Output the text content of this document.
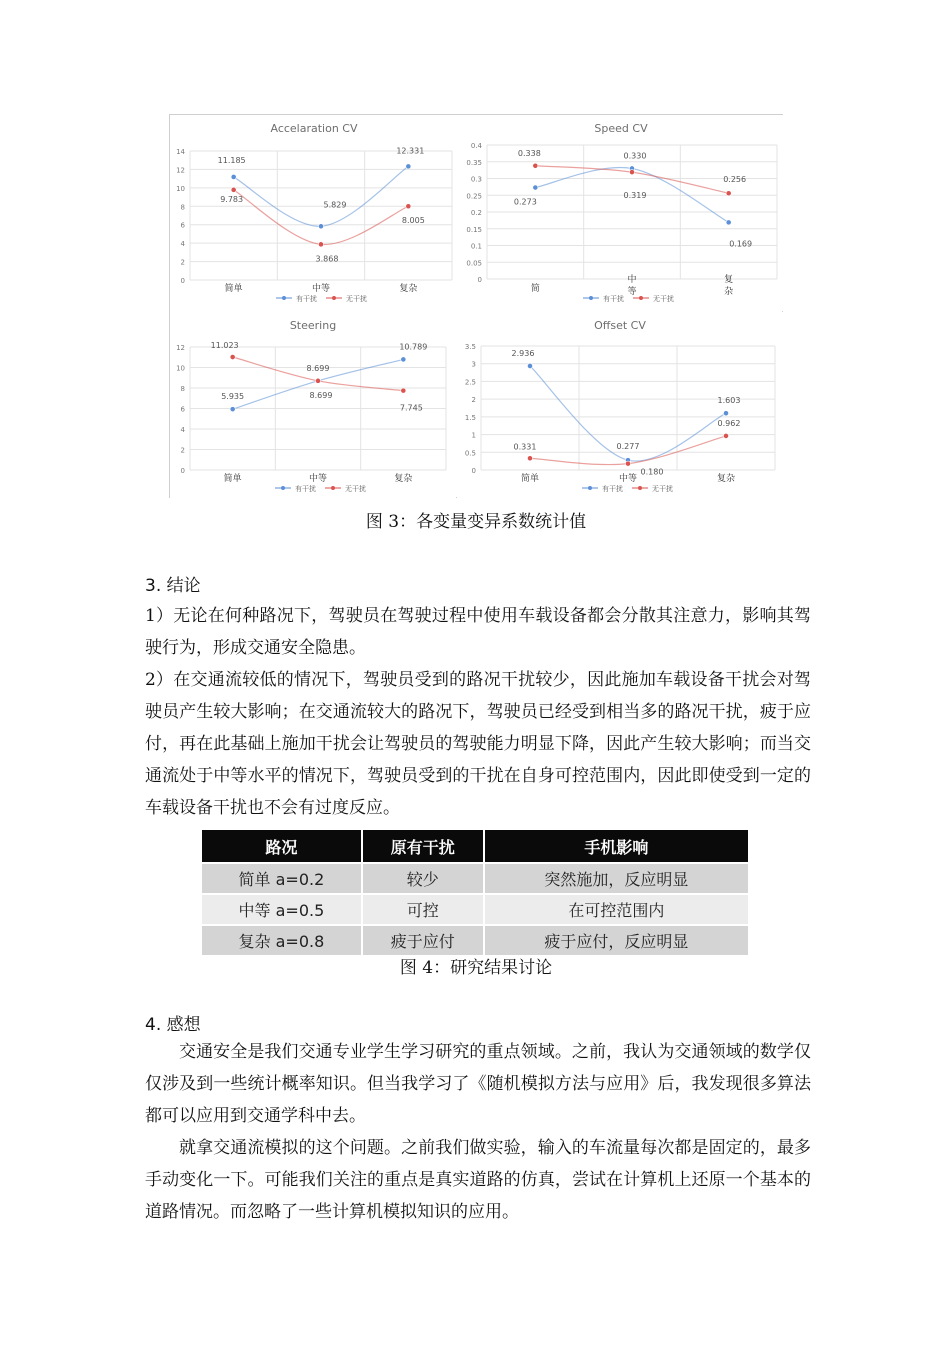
Accelaration CV
0
2
4
6
8
10
12
14
简单	中等	复杂
11.185
5.829
12.331
9.783
3.868
8.005
有干扰	无干扰
Speed CV
0
0.05
0.1
0.15
0.2
0.25
0.3
0.35
0.4
简
中
等
复
杂
0.273
0.330
0.169
0.338
0.319
0.256
有干扰	无干扰
Steering
0
2
4
6
8
10
12
简单	中等	复杂
5.935	8.699
10.789
11.023
8.699
7.745
有干扰	无干扰
Offset CV
0
0.5
1
1.5
2
2.5
3
3.5
简单	中等	复杂
2.936
0.277
1.603
0.331
0.180
0.962
有干扰	无干扰
图 3：各变量变异系数统计值
3. 结论

1）无论在何种路况下，驾驶员在驾驶过程中使用车载设备都会分散其注意力，影响其驾驶行为，形成交通安全隐患。

2）在交通流较低的情况下，驾驶员受到的路况干扰较少，因此施加车载设备干扰会对驾驶员产生较大影响；在交通流较大的路况下，驾驶员已经受到相当多的路况干扰，疲于应付，再在此基础上施加干扰会让驾驶员的驾驶能力明显下降，因此产生较大影响；而当交通流处于中等水平的情况下，驾驶员受到的干扰在自身可控范围内，因此即使受到一定的车载设备干扰也不会有过度反应。

路况	原有干扰	手机影响
简单 a=0.2	较少	突然施加，反应明显
中等 a=0.5	可控	在可控范围内
复杂 a=0.8	疲于应付	疲于应付，反应明显
图 4：研究结果讨论
4. 感想

交通安全是我们交通专业学生学习研究的重点领域。之前，我认为交通领域的数学仅仅涉及到一些统计概率知识。但当我学习了《随机模拟方法与应用》后，我发现很多算法都可以应用到交通学科中去。

就拿交通流模拟的这个问题。之前我们做实验，输入的车流量每次都是固定的，最多手动变化一下。可能我们关注的重点是真实道路的仿真，尝试在计算机上还原一个基本的道路情况。而忽略了一些计算机模拟知识的应用。
